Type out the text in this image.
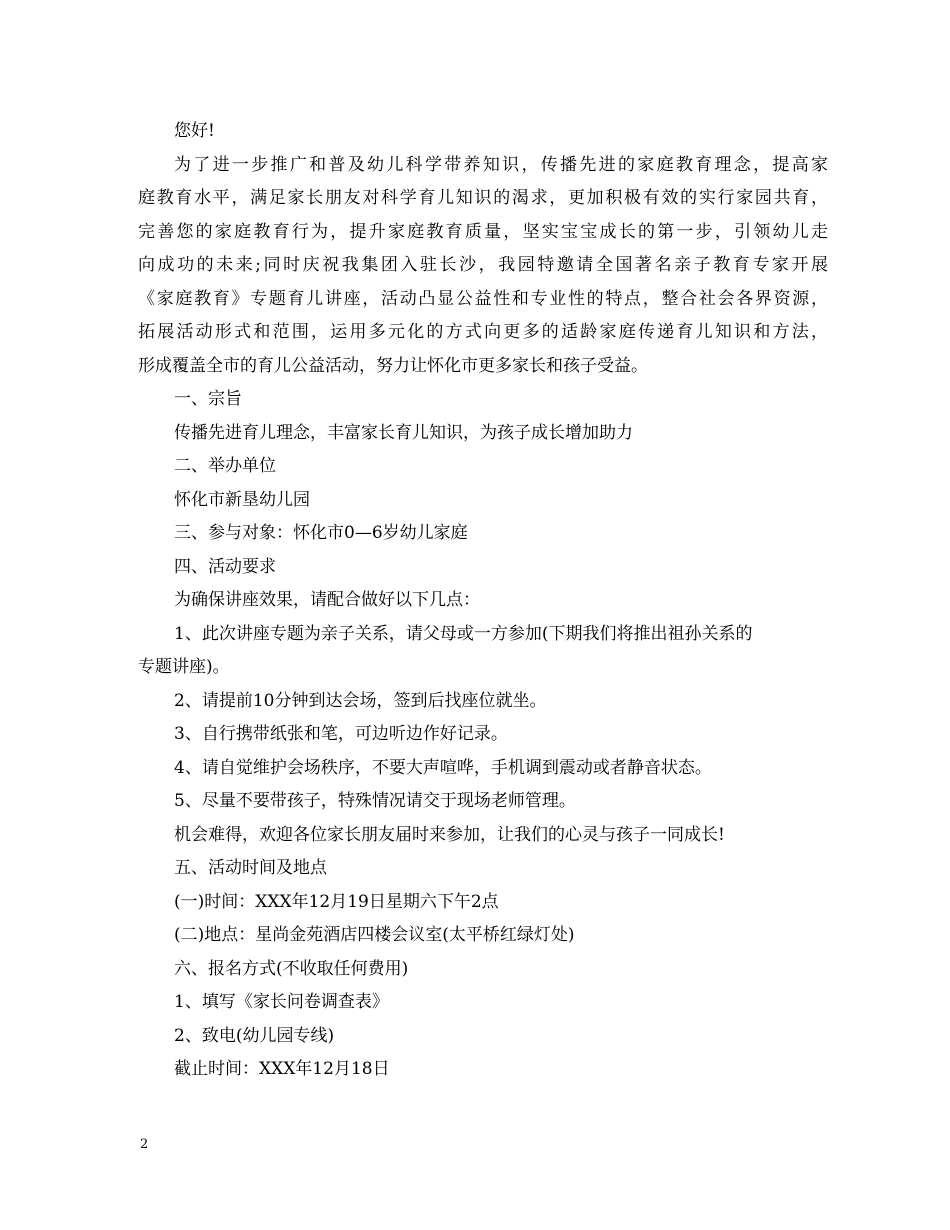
您好!
为了进一步推广和普及幼儿科学带养知识，传播先进的家庭教育理念，提高家
庭教育水平，满足家长朋友对科学育儿知识的渴求，更加积极有效的实行家园共育，
完善您的家庭教育行为，提升家庭教育质量，坚实宝宝成长的第一步，引领幼儿走
向成功的未来;同时庆祝我集团入驻长沙，我园特邀请全国著名亲子教育专家开展
《家庭教育》专题育儿讲座，活动凸显公益性和专业性的特点，整合社会各界资源，
拓展活动形式和范围，运用多元化的方式向更多的适龄家庭传递育儿知识和方法，
形成覆盖全市的育儿公益活动，努力让怀化市更多家长和孩子受益。
一、宗旨
传播先进育儿理念，丰富家长育儿知识，为孩子成长增加助力
二、举办单位
怀化市新垦幼儿园
三、参与对象：怀化市0—6岁幼儿家庭
四、活动要求
为确保讲座效果，请配合做好以下几点：
1、此次讲座专题为亲子关系，请父母或一方参加(下期我们将推出祖孙关系的
专题讲座)。
2、请提前10分钟到达会场，签到后找座位就坐。
3、自行携带纸张和笔，可边听边作好记录。
4、请自觉维护会场秩序，不要大声喧哗，手机调到震动或者静音状态。
5、尽量不要带孩子，特殊情况请交于现场老师管理。
机会难得，欢迎各位家长朋友届时来参加，让我们的心灵与孩子一同成长!
五、活动时间及地点
(一)时间：XXX年12月19日星期六下午2点
(二)地点：星尚金苑酒店四楼会议室(太平桥红绿灯处)
六、报名方式(不收取任何费用)
1、填写《家长问卷调查表》
2、致电(幼儿园专线)
截止时间：XXX年12月18日
2
